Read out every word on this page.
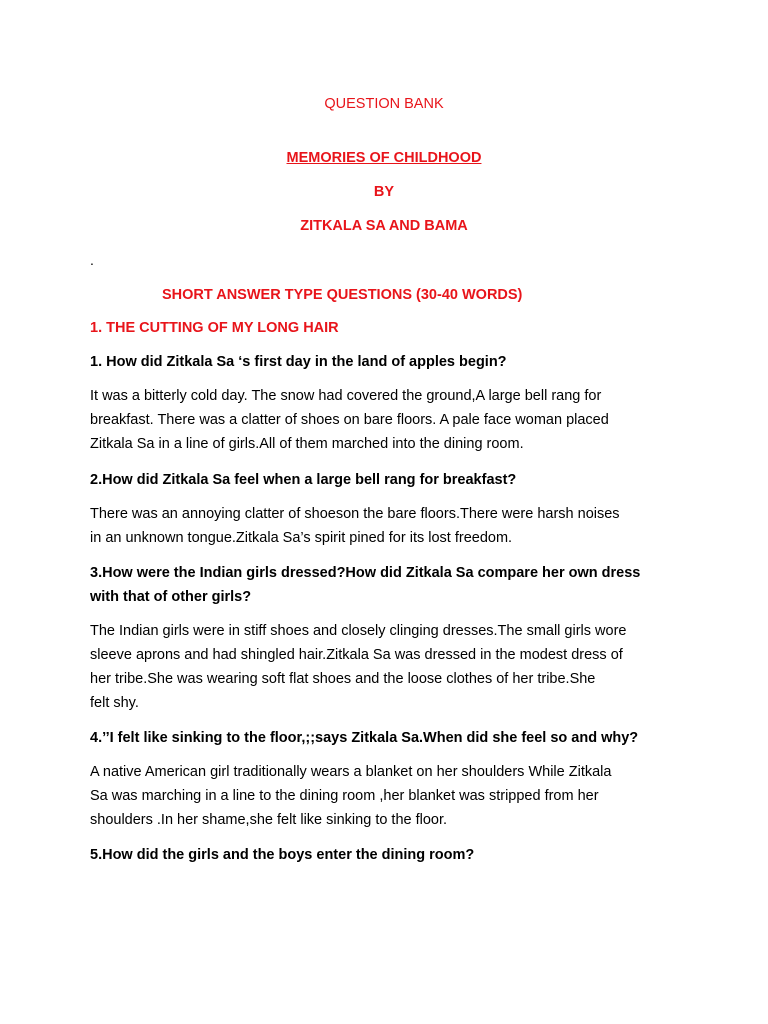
QUESTION BANK
MEMORIES OF CHILDHOOD
BY
ZITKALA SA AND BAMA
.
SHORT ANSWER TYPE QUESTIONS (30-40 WORDS)
1. THE CUTTING OF MY LONG HAIR

1. How did Zitkala Sa ‘s first day in the land of apples begin?

It was a bitterly cold day. The snow had covered the ground,A large bell rang for

breakfast. There was a clatter of shoes on bare floors. A pale face woman placed

Zitkala Sa in a line of girls.All of them marched into the dining room.

2.How did Zitkala Sa feel when a large bell rang for breakfast?

There was an annoying clatter of shoeson the bare floors.There were harsh noises

in an unknown tongue.Zitkala Sa’s spirit pined for its lost freedom.

3.How were the Indian girls dressed?How did Zitkala Sa compare her own dress

with that of other girls?

The Indian girls were in stiff shoes and closely clinging dresses.The small girls wore

sleeve aprons and had shingled hair.Zitkala Sa was dressed in the modest dress of

her tribe.She was wearing soft flat shoes and the loose clothes of her tribe.She

felt shy.

4.’’I felt like sinking to the floor,;;says Zitkala Sa.When did she feel so and why?

A native American girl traditionally wears a blanket on her shoulders While Zitkala

Sa was marching in a line to the dining room ,her blanket was stripped from her

shoulders .In her shame,she felt like sinking to the floor.

5.How did the girls and the boys enter the dining room?
